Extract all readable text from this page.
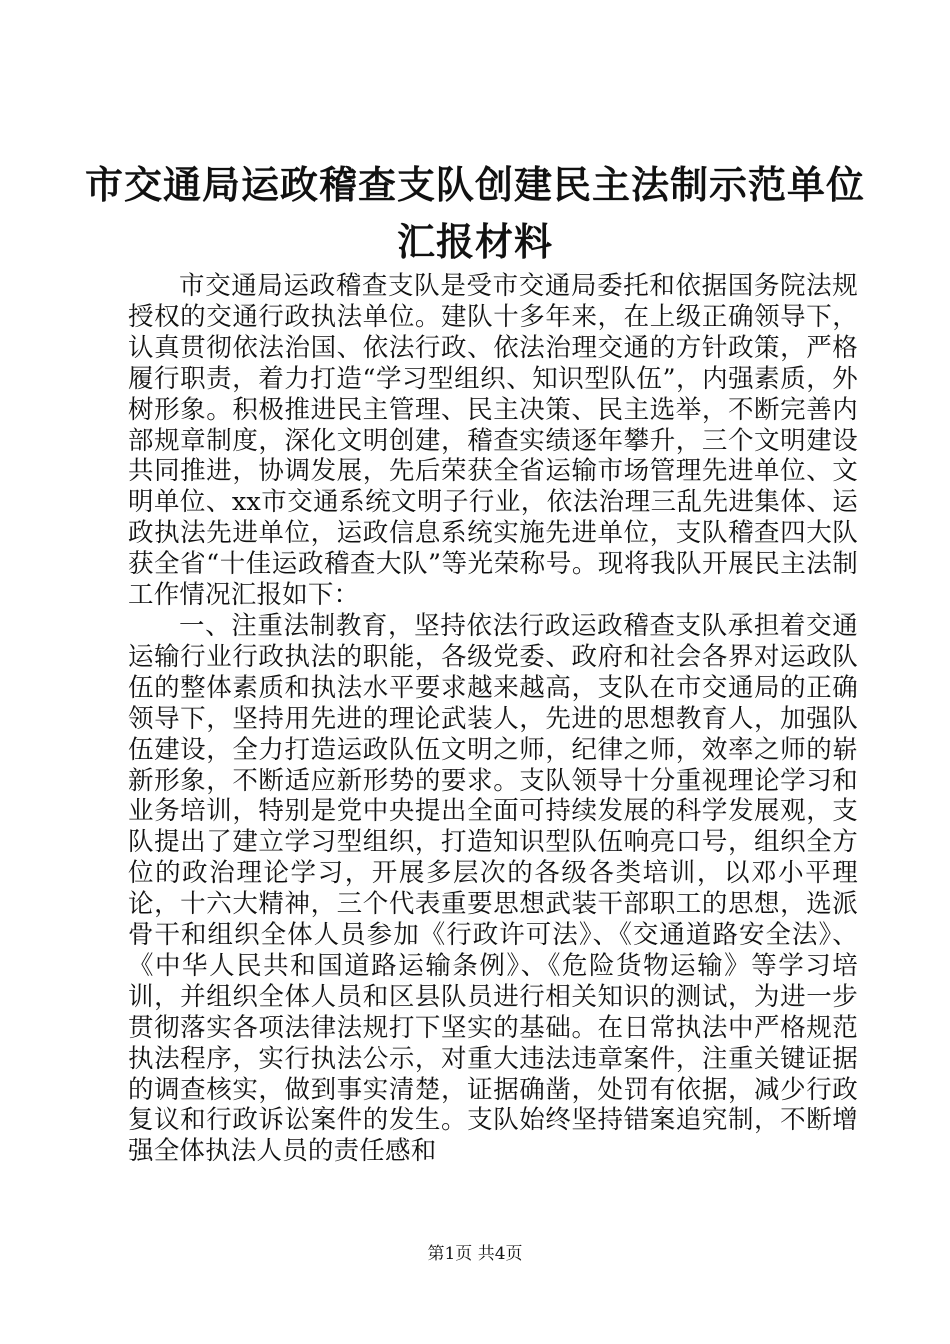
市交通局运政稽查支队创建民主法制示范单位
汇报材料

市交通局运政稽查支队是受市交通局委托和依据国务院法规授权的交通行政执法单位。建队十多年来，在上级正确领导下，认真贯彻依法治国、依法行政、依法治理交通的方针政策，严格履行职责，着力打造“学习型组织、知识型队伍”，内强素质，外树形象。积极推进民主管理、民主决策、民主选举，不断完善内部规章制度，深化文明创建，稽查实绩逐年攀升，三个文明建设共同推进，协调发展，先后荣获全省运输市场管理先进单位、文明单位、xx市交通系统文明子行业，依法治理三乱先进集体、运政执法先进单位，运政信息系统实施先进单位，支队稽查四大队获全省“十佳运政稽查大队”等光荣称号。现将我队开展民主法制工作情况汇报如下：

一、注重法制教育，坚持依法行政运政稽查支队承担着交通运输行业行政执法的职能，各级党委、政府和社会各界对运政队伍的整体素质和执法水平要求越来越高，支队在市交通局的正确领导下，坚持用先进的理论武装人，先进的思想教育人，加强队伍建设，全力打造运政队伍文明之师，纪律之师，效率之师的崭新形象，不断适应新形势的要求。支队领导十分重视理论学习和业务培训，特别是党中央提出全面可持续发展的科学发展观，支队提出了建立学习型组织，打造知识型队伍响亮口号，组织全方位的政治理论学习，开展多层次的各级各类培训，以邓小平理论，十六大精神，三个代表重要思想武装干部职工的思想，选派骨干和组织全体人员参加《行政许可法》、《交通道路安全法》、《中华人民共和国道路运输条例》、《危险货物运输》等学习培训，并组织全体人员和区县队员进行相关知识的测试，为进一步贯彻落实各项法律法规打下坚实的基础。在日常执法中严格规范执法程序，实行执法公示，对重大违法违章案件，注重关键证据的调查核实，做到事实清楚，证据确凿，处罚有依据，减少行政复议和行政诉讼案件的发生。支队始终坚持错案追究制，不断增强全体执法人员的责任感和

第1页 共4页
